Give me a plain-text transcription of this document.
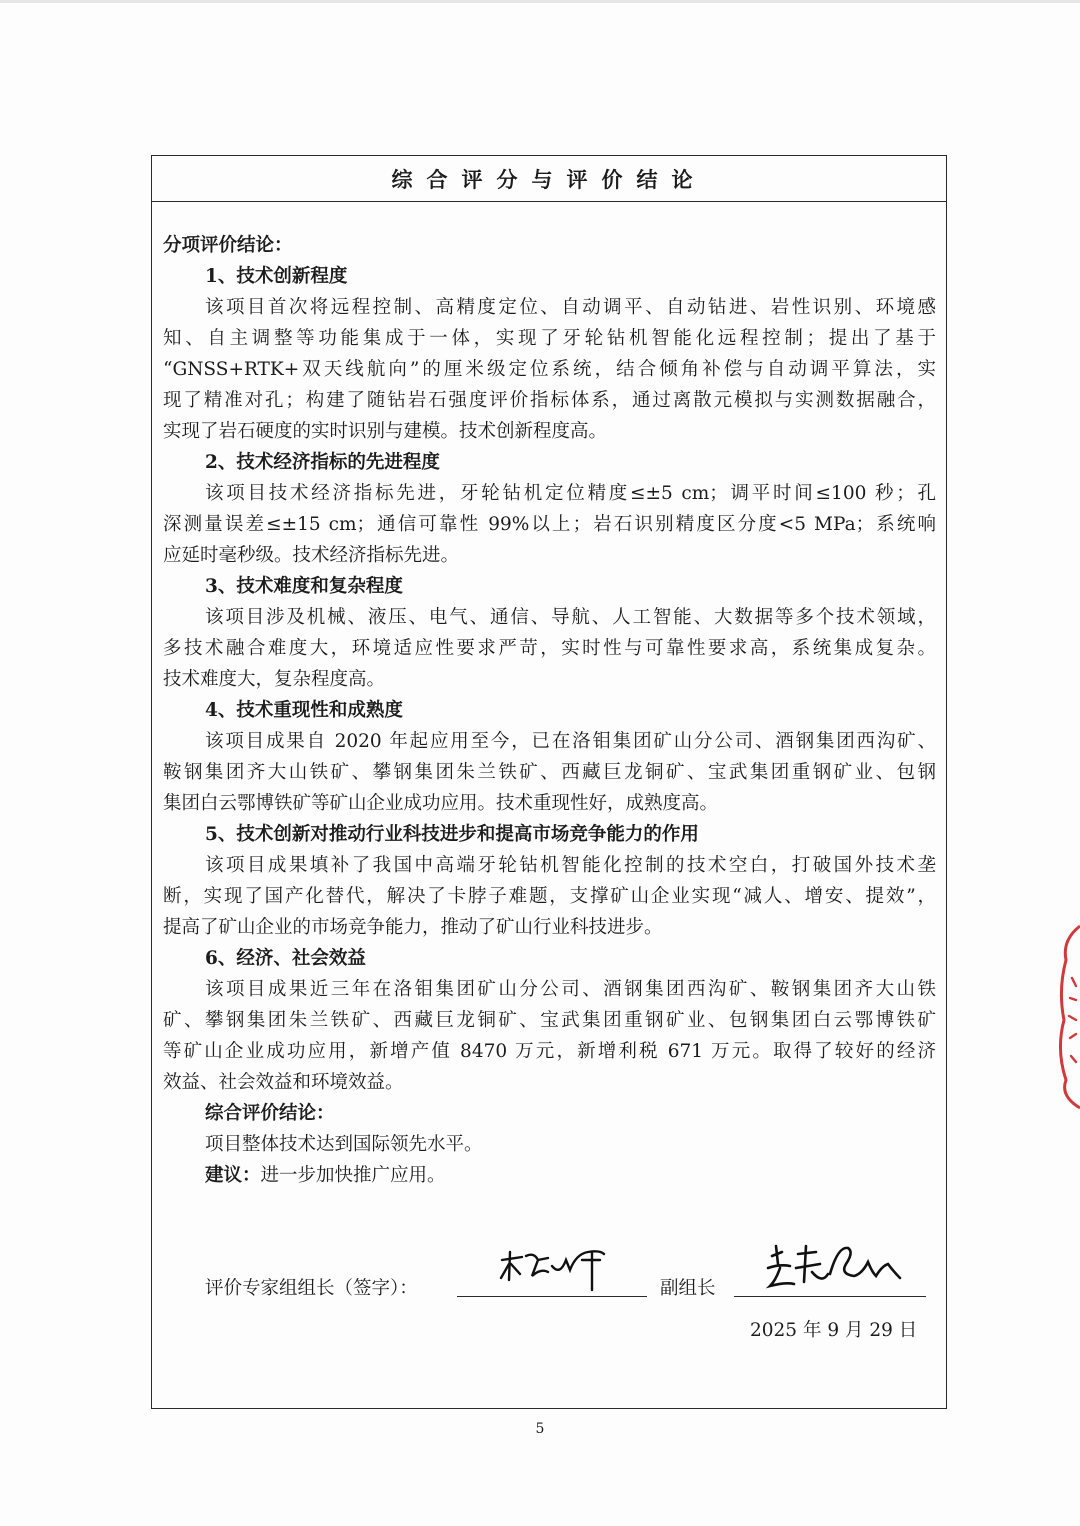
综合评分与评价结论
分项评价结论：
1、技术创新程度
该项目首次将远程控制、高精度定位、自动调平、自动钻进、岩性识别、环境感
知、自主调整等功能集成于一体，实现了牙轮钻机智能化远程控制；提出了基于
“GNSS+RTK+双天线航向”的厘米级定位系统，结合倾角补偿与自动调平算法，实
现了精准对孔；构建了随钻岩石强度评价指标体系，通过离散元模拟与实测数据融合，
实现了岩石硬度的实时识别与建模。技术创新程度高。
2、技术经济指标的先进程度
该项目技术经济指标先进，牙轮钻机定位精度≤±5 cm；调平时间≤100 秒；孔
深测量误差≤±15 cm；通信可靠性 99%以上；岩石识别精度区分度<5 MPa；系统响
应延时毫秒级。技术经济指标先进。
3、技术难度和复杂程度
该项目涉及机械、液压、电气、通信、导航、人工智能、大数据等多个技术领域，
多技术融合难度大，环境适应性要求严苛，实时性与可靠性要求高，系统集成复杂。
技术难度大，复杂程度高。
4、技术重现性和成熟度
该项目成果自 2020 年起应用至今，已在洛钼集团矿山分公司、酒钢集团西沟矿、
鞍钢集团齐大山铁矿、攀钢集团朱兰铁矿、西藏巨龙铜矿、宝武集团重钢矿业、包钢
集团白云鄂博铁矿等矿山企业成功应用。技术重现性好，成熟度高。
5、技术创新对推动行业科技进步和提高市场竞争能力的作用
该项目成果填补了我国中高端牙轮钻机智能化控制的技术空白，打破国外技术垄
断，实现了国产化替代，解决了卡脖子难题，支撑矿山企业实现“减人、增安、提效”，
提高了矿山企业的市场竞争能力，推动了矿山行业科技进步。
6、经济、社会效益
该项目成果近三年在洛钼集团矿山分公司、酒钢集团西沟矿、鞍钢集团齐大山铁
矿、攀钢集团朱兰铁矿、西藏巨龙铜矿、宝武集团重钢矿业、包钢集团白云鄂博铁矿
等矿山企业成功应用，新增产值 8470 万元，新增利税 671 万元。取得了较好的经济
效益、社会效益和环境效益。
综合评价结论：
项目整体技术达到国际领先水平。
建议：进一步加快推广应用。
评价专家组组长（签字）：	副组长
2025 年 9 月 29 日
5
